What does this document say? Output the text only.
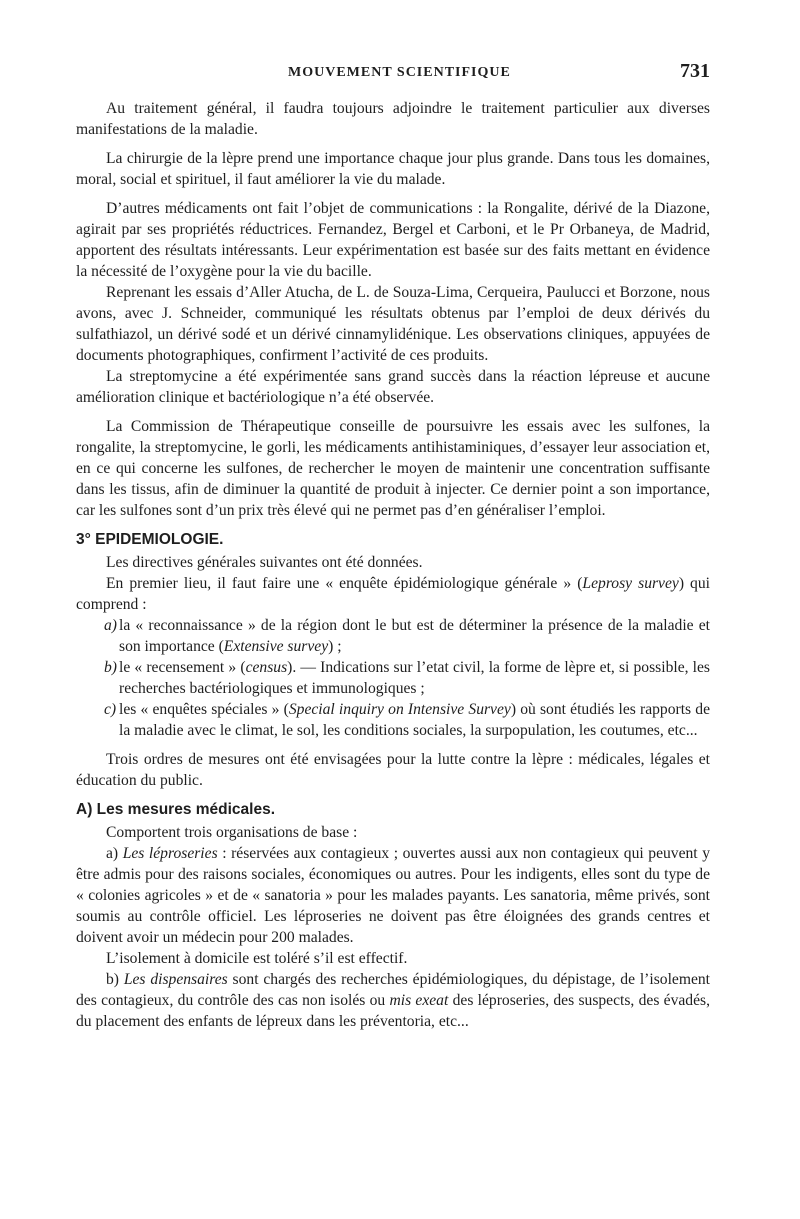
MOUVEMENT SCIENTIFIQUE	731

Au traitement général, il faudra toujours adjoindre le traitement particulier aux diverses manifestations de la maladie.

La chirurgie de la lèpre prend une importance chaque jour plus grande. Dans tous les domaines, moral, social et spirituel, il faut améliorer la vie du malade.

D’autres médicaments ont fait l’objet de communications : la Rongalite, dérivé de la Diazone, agirait par ses propriétés réductrices. Fernandez, Bergel et Carboni, et le Pr Orbaneya, de Madrid, apportent des résultats intéressants. Leur expérimentation est basée sur des faits mettant en évidence la nécessité de l’oxygène pour la vie du bacille.

Reprenant les essais d’Aller Atucha, de L. de Souza-Lima, Cerqueira, Paulucci et Borzone, nous avons, avec J. Schneider, communiqué les résultats obtenus par l’emploi de deux dérivés du sulfathiazol, un dérivé sodé et un dérivé cinnamylidénique. Les observations cliniques, appuyées de documents photographiques, confirment l’activité de ces produits.

La streptomycine a été expérimentée sans grand succès dans la réaction lépreuse et aucune amélioration clinique et bactériologique n’a été observée.

La Commission de Thérapeutique conseille de poursuivre les essais avec les sulfones, la rongalite, la streptomycine, le gorli, les médicaments antihistaminiques, d’essayer leur association et, en ce qui concerne les sulfones, de rechercher le moyen de maintenir une concentration suffisante dans les tissus, afin de diminuer la quantité de produit à injecter. Ce dernier point a son importance, car les sulfones sont d’un prix très élevé qui ne permet pas d’en généraliser l’emploi.

3° EPIDEMIOLOGIE.

Les directives générales suivantes ont été données.

En premier lieu, il faut faire une « enquête épidémiologique générale » (Leprosy survey) qui comprend :

a) la « reconnaissance » de la région dont le but est de déterminer la présence de la maladie et son importance (Extensive survey) ;

b) le « recensement » (census). — Indications sur l’etat civil, la forme de lèpre et, si possible, les recherches bactériologiques et immunologiques ;

c) les « enquêtes spéciales » (Special inquiry on Intensive Survey) où sont étudiés les rapports de la maladie avec le climat, le sol, les conditions sociales, la surpopulation, les coutumes, etc...

Trois ordres de mesures ont été envisagées pour la lutte contre la lèpre : médicales, légales et éducation du public.

A) Les mesures médicales.

Comportent trois organisations de base :

a) Les léproseries : réservées aux contagieux ; ouvertes aussi aux non contagieux qui peuvent y être admis pour des raisons sociales, économiques ou autres. Pour les indigents, elles sont du type de « colonies agricoles » et de « sanatoria » pour les malades payants. Les sanatoria, même privés, sont soumis au contrôle officiel. Les léproseries ne doivent pas être éloignées des grands centres et doivent avoir un médecin pour 200 malades.

L’isolement à domicile est toléré s’il est effectif.

b) Les dispensaires sont chargés des recherches épidémiologiques, du dépistage, de l’isolement des contagieux, du contrôle des cas non isolés ou mis exeat des léproseries, des suspects, des évadés, du placement des enfants de lépreux dans les préventoria, etc...
